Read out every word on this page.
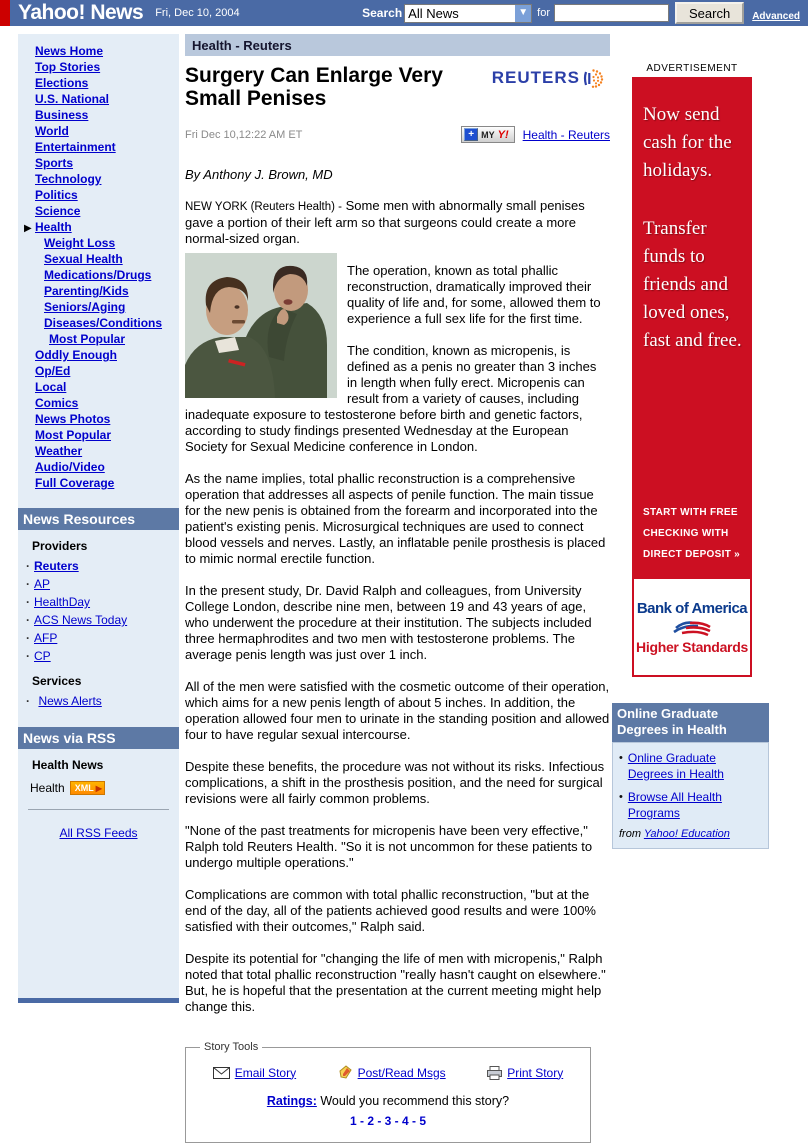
Yahoo! News Fri, Dec 10, 2004	Search All News	▼ for	Search	Advanced
News Home
Top Stories
Elections
U.S. National
Business
World
Entertainment
Sports
Technology
Politics
Science
▶ Health
Weight Loss
Sexual Health
Medications/Drugs
Parenting/Kids
Seniors/Aging
Diseases/Conditions
Most Popular
Oddly Enough
Op/Ed
Local
Comics
News Photos
Most Popular
Weather
Audio/Video
Full Coverage
News Resources
Providers
· Reuters
· AP
· HealthDay
· ACS News Today
· AFP
· CP
Services
· News Alerts
News via RSS
Health News
Health XML ▶
All RSS Feeds
Health - Reuters
Surgery Can Enlarge Very Small Penises
REUTERS
Fri Dec 10,12:22 AM ET	+ MY Y! Health - Reuters
By Anthony J. Brown, MD

NEW YORK (Reuters Health) - Some men with abnormally small penises gave a portion of their left arm so that surgeons could create a more normal-sized organ.

The operation, known as total phallic reconstruction, dramatically improved their quality of life and, for some, allowed them to experience a full sex life for the first time.

The condition, known as micropenis, is defined as a penis no greater than 3 inches in length when fully erect. Micropenis can result from a variety of causes, including inadequate exposure to testosterone before birth and genetic factors, according to study findings presented Wednesday at the European Society for Sexual Medicine conference in London.

As the name implies, total phallic reconstruction is a comprehensive operation that addresses all aspects of penile function. The main tissue for the new penis is obtained from the forearm and incorporated into the patient's existing penis. Microsurgical techniques are used to connect blood vessels and nerves. Lastly, an inflatable penile prosthesis is placed to mimic normal erectile function.

In the present study, Dr. David Ralph and colleagues, from University College London, describe nine men, between 19 and 43 years of age, who underwent the procedure at their institution. The subjects included three hermaphrodites and two men with testosterone problems. The average penis length was just over 1 inch.

All of the men were satisfied with the cosmetic outcome of their operation, which aims for a new penis length of about 5 inches. In addition, the operation allowed four men to urinate in the standing position and allowed four to have regular sexual intercourse.

Despite these benefits, the procedure was not without its risks. Infectious complications, a shift in the prosthesis position, and the need for surgical revisions were all fairly common problems.

"None of the past treatments for micropenis have been very effective," Ralph told Reuters Health. "So it is not uncommon for these patients to undergo multiple operations."

Complications are common with total phallic reconstruction, "but at the end of the day, all of the patients achieved good results and were 100% satisfied with their outcomes," Ralph said.

Despite its potential for "changing the life of men with micropenis," Ralph noted that total phallic reconstruction "really hasn't caught on elsewhere." But, he is hopeful that the presentation at the current meeting might help change this.

Story Tools
Email Story	Post/Read Msgs	Print Story
Ratings: Would you recommend this story?
1 - 2 - 3 - 4 - 5
ADVERTISEMENT
Now send cash for the holidays.
Transfer funds to friends and loved ones, fast and free.
START WITH FREE
CHECKING WITH
DIRECT DEPOSIT »
Bank of America
Higher Standards
Online Graduate Degrees in Health
• Online Graduate Degrees in Health
• Browse All Health Programs
from Yahoo! Education
